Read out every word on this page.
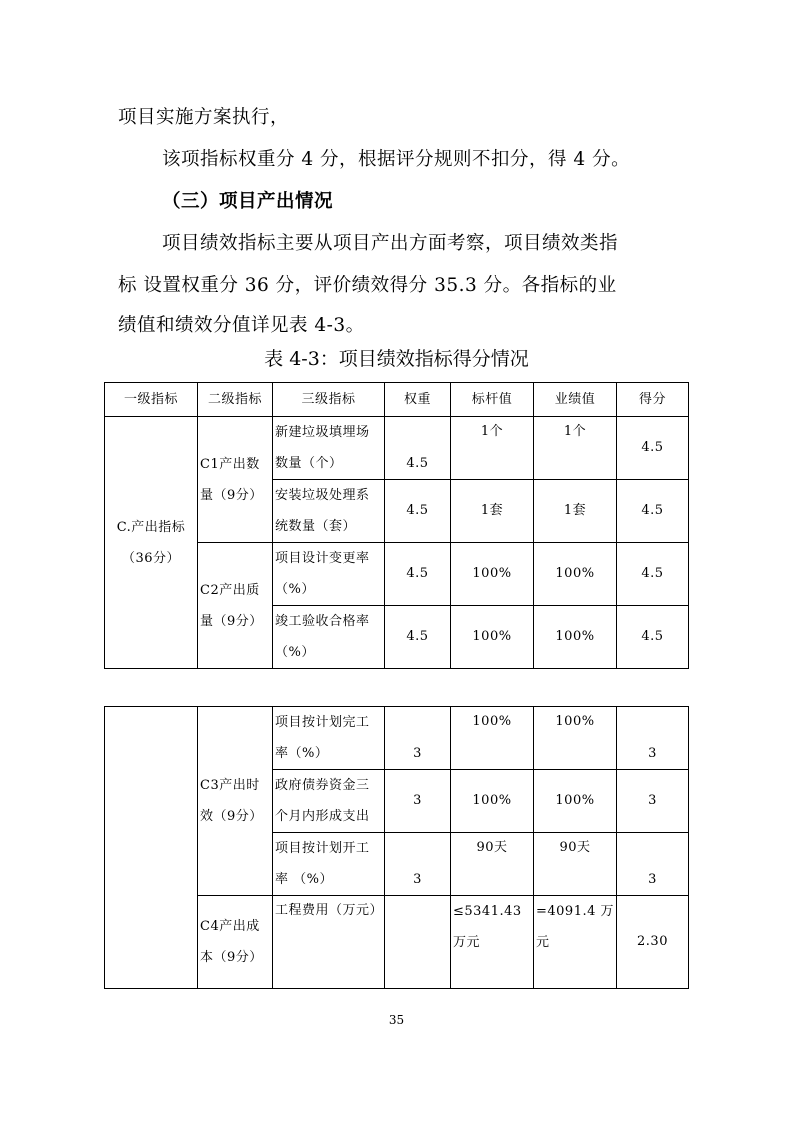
项目实施方案执行，
该项指标权重分 4 分，根据评分规则不扣分，得 4 分。
（三）项目产出情况
项目绩效指标主要从项目产出方面考察，项目绩效类指
标 设置权重分 36 分，评价绩效得分 35.3 分。各指标的业
绩值和绩效分值详见表 4-3。
表 4-3：项目绩效指标得分情况
一级指标	二级指标	三级指标	权重	标杆值	业绩值	得分
C.产出指标（36分）	C1产出数量（9分）	新建垃圾填埋场数量（个）	4.5	1个	1个	4.5
		安装垃圾处理系统数量（套）	4.5	1套	1套	4.5
	C2产出质量（9分）	项目设计变更率（%）	4.5	100%	100%	4.5
		竣工验收合格率（%）	4.5	100%	100%	4.5
	C3产出时效（9分）	项目按计划完工率（%）	3	100%	100%	3
		政府债券资金三个月内形成支出	3	100%	100%	3
		项目按计划开工率 （%）	3	90天	90天	3
	C4产出成本（9分）	工程费用（万元）		≤5341.43万元	=4091.4 万元	2.30
35
